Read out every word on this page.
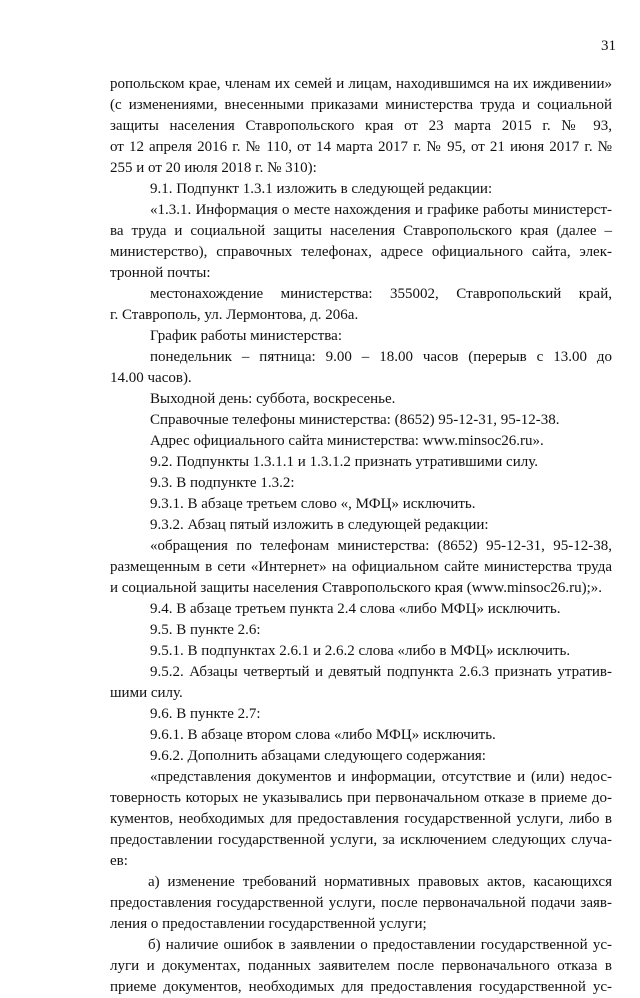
31
ропольском крае, членам их семей и лицам, находившимся на их иждивении»
(с изменениями, внесенными приказами министерства труда и социальной
защиты населения Ставропольского края от 23 марта 2015 г. № 93,
от 12 апреля 2016 г. № 110, от 14 марта 2017 г. № 95, от 21 июня 2017 г. №
255 и от 20 июля 2018 г. № 310):
9.1. Подпункт 1.3.1 изложить в следующей редакции:
«1.3.1. Информация о месте нахождения и графике работы министерст-
ва труда и социальной защиты населения Ставропольского края (далее –
министерство), справочных телефонах, адресе официального сайта, элек-
тронной почты:
местонахождение министерства: 355002, Ставропольский край,
г. Ставрополь, ул. Лермонтова, д. 206а.
График работы министерства:
понедельник – пятница: 9.00 – 18.00 часов (перерыв с 13.00 до
14.00 часов).
Выходной день: суббота, воскресенье.
Справочные телефоны министерства: (8652) 95-12-31, 95-12-38.
Адрес официального сайта министерства: www.minsoc26.ru».
9.2. Подпункты 1.3.1.1 и 1.3.1.2 признать утратившими силу.
9.3. В подпункте 1.3.2:
9.3.1. В абзаце третьем слово «, МФЦ» исключить.
9.3.2. Абзац пятый изложить в следующей редакции:
«обращения по телефонам министерства: (8652) 95-12-31, 95-12-38,
размещенным в сети «Интернет» на официальном сайте министерства труда
и социальной защиты населения Ставропольского края (www.minsoc26.ru);».
9.4. В абзаце третьем пункта 2.4 слова «либо МФЦ» исключить.
9.5. В пункте 2.6:
9.5.1. В подпунктах 2.6.1 и 2.6.2 слова «либо в МФЦ» исключить.
9.5.2. Абзацы четвертый и девятый подпункта 2.6.3 признать утратив-
шими силу.
9.6. В пункте 2.7:
9.6.1. В абзаце втором слова «либо МФЦ» исключить.
9.6.2. Дополнить абзацами следующего содержания:
«представления документов и информации, отсутствие и (или) недос-
товерность которых не указывались при первоначальном отказе в приеме до-
кументов, необходимых для предоставления государственной услуги, либо в
предоставлении государственной услуги, за исключением следующих случа-
ев:
а) изменение требований нормативных правовых актов, касающихся
предоставления государственной услуги, после первоначальной подачи заяв-
ления о предоставлении государственной услуги;
б) наличие ошибок в заявлении о предоставлении государственной ус-
луги и документах, поданных заявителем после первоначального отказа в
приеме документов, необходимых для предоставления государственной ус-
